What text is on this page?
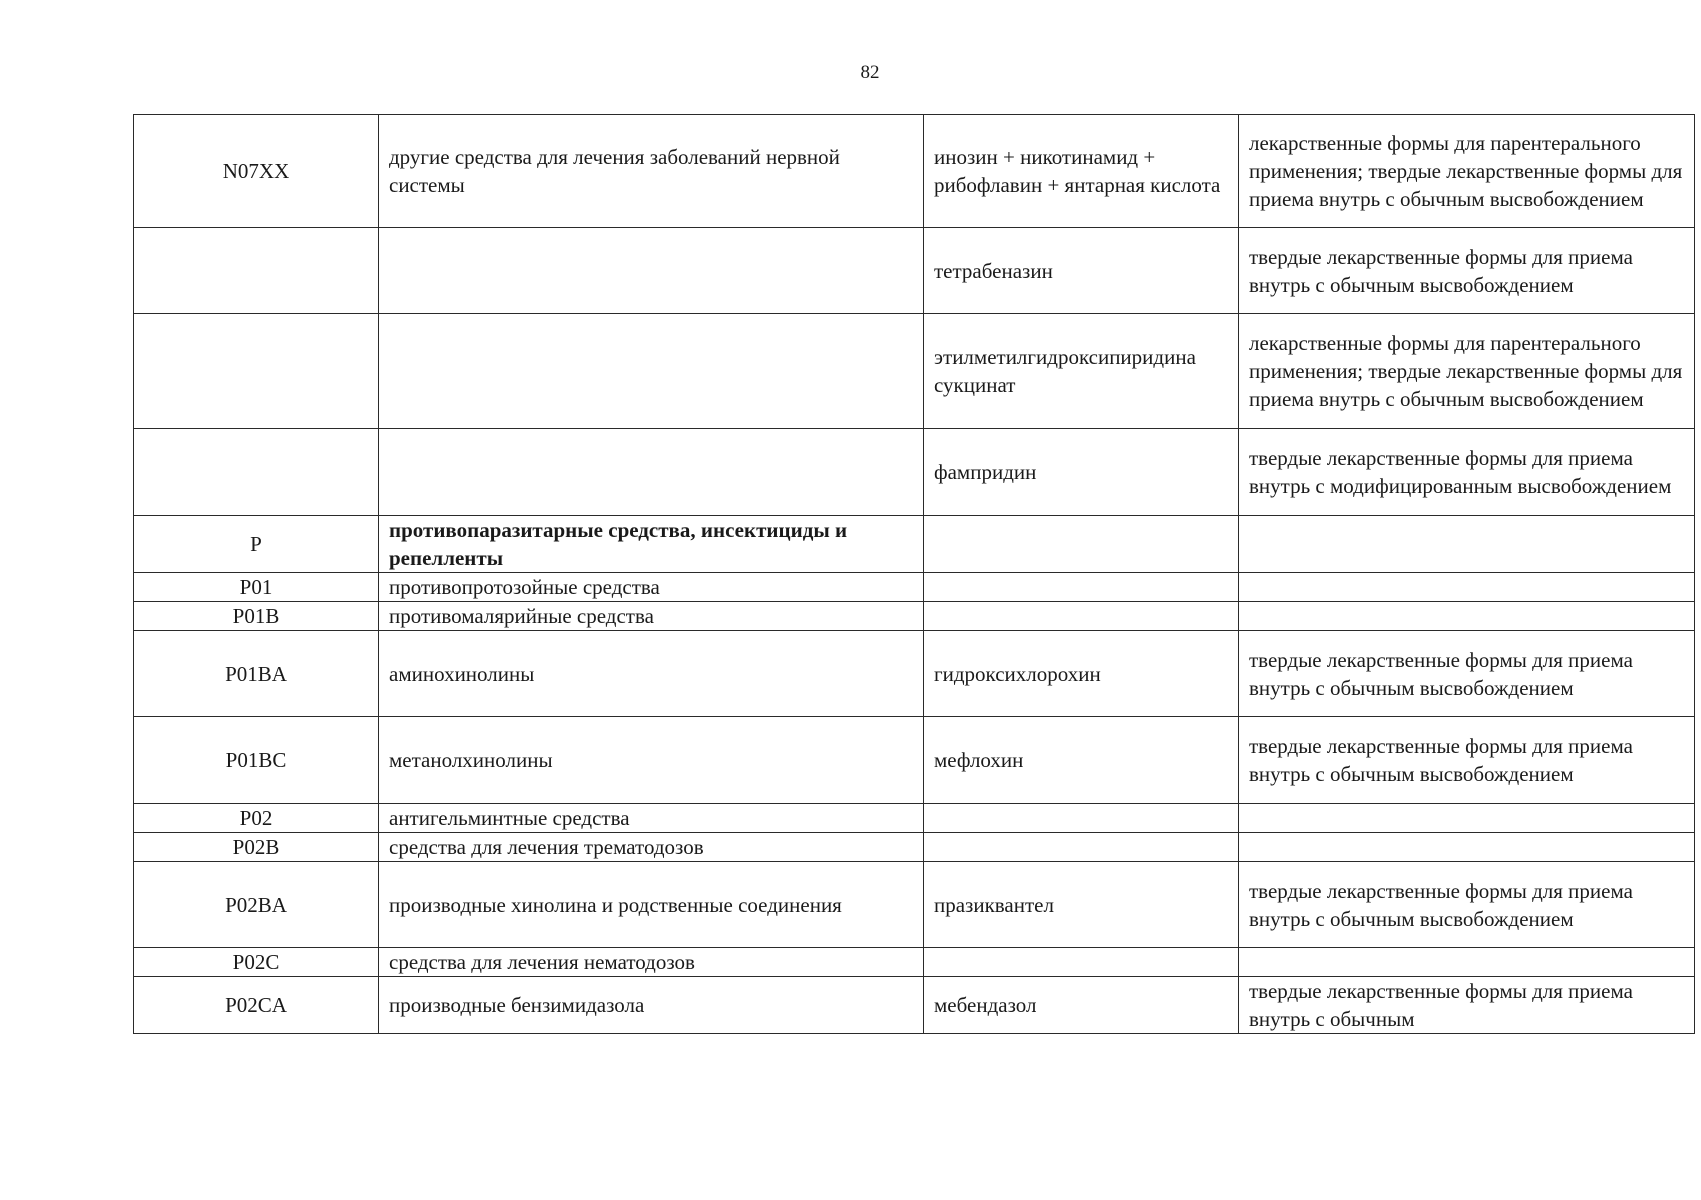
82
N07XX	другие средства для лечения заболеваний нервной системы	инозин + никотинамид + рибофлавин + янтарная кислота	лекарственные формы для парентерального применения; твердые лекарственные формы для приема внутрь с обычным высвобождением
		тетрабеназин	твердые лекарственные формы для приема внутрь с обычным высвобождением
		этилметилгидроксипиридина сукцинат	лекарственные формы для парентерального применения; твердые лекарственные формы для приема внутрь с обычным высвобождением
		фампридин	твердые лекарственные формы для приема внутрь с модифицированным высвобождением
P	противопаразитарные средства, инсектициды и репелленты		
P01	противопротозойные средства		
P01B	противомалярийные средства		
P01BA	аминохинолины	гидроксихлорохин	твердые лекарственные формы для приема внутрь с обычным высвобождением
P01BC	метанолхинолины	мефлохин	твердые лекарственные формы для приема внутрь с обычным высвобождением
P02	антигельминтные средства		
P02B	средства для лечения трематодозов		
P02BA	производные хинолина и родственные соединения	празиквантел	твердые лекарственные формы для приема внутрь с обычным высвобождением
P02C	средства для лечения нематодозов		
P02CA	производные бензимидазола	мебендазол	твердые лекарственные формы для приема внутрь с обычным
